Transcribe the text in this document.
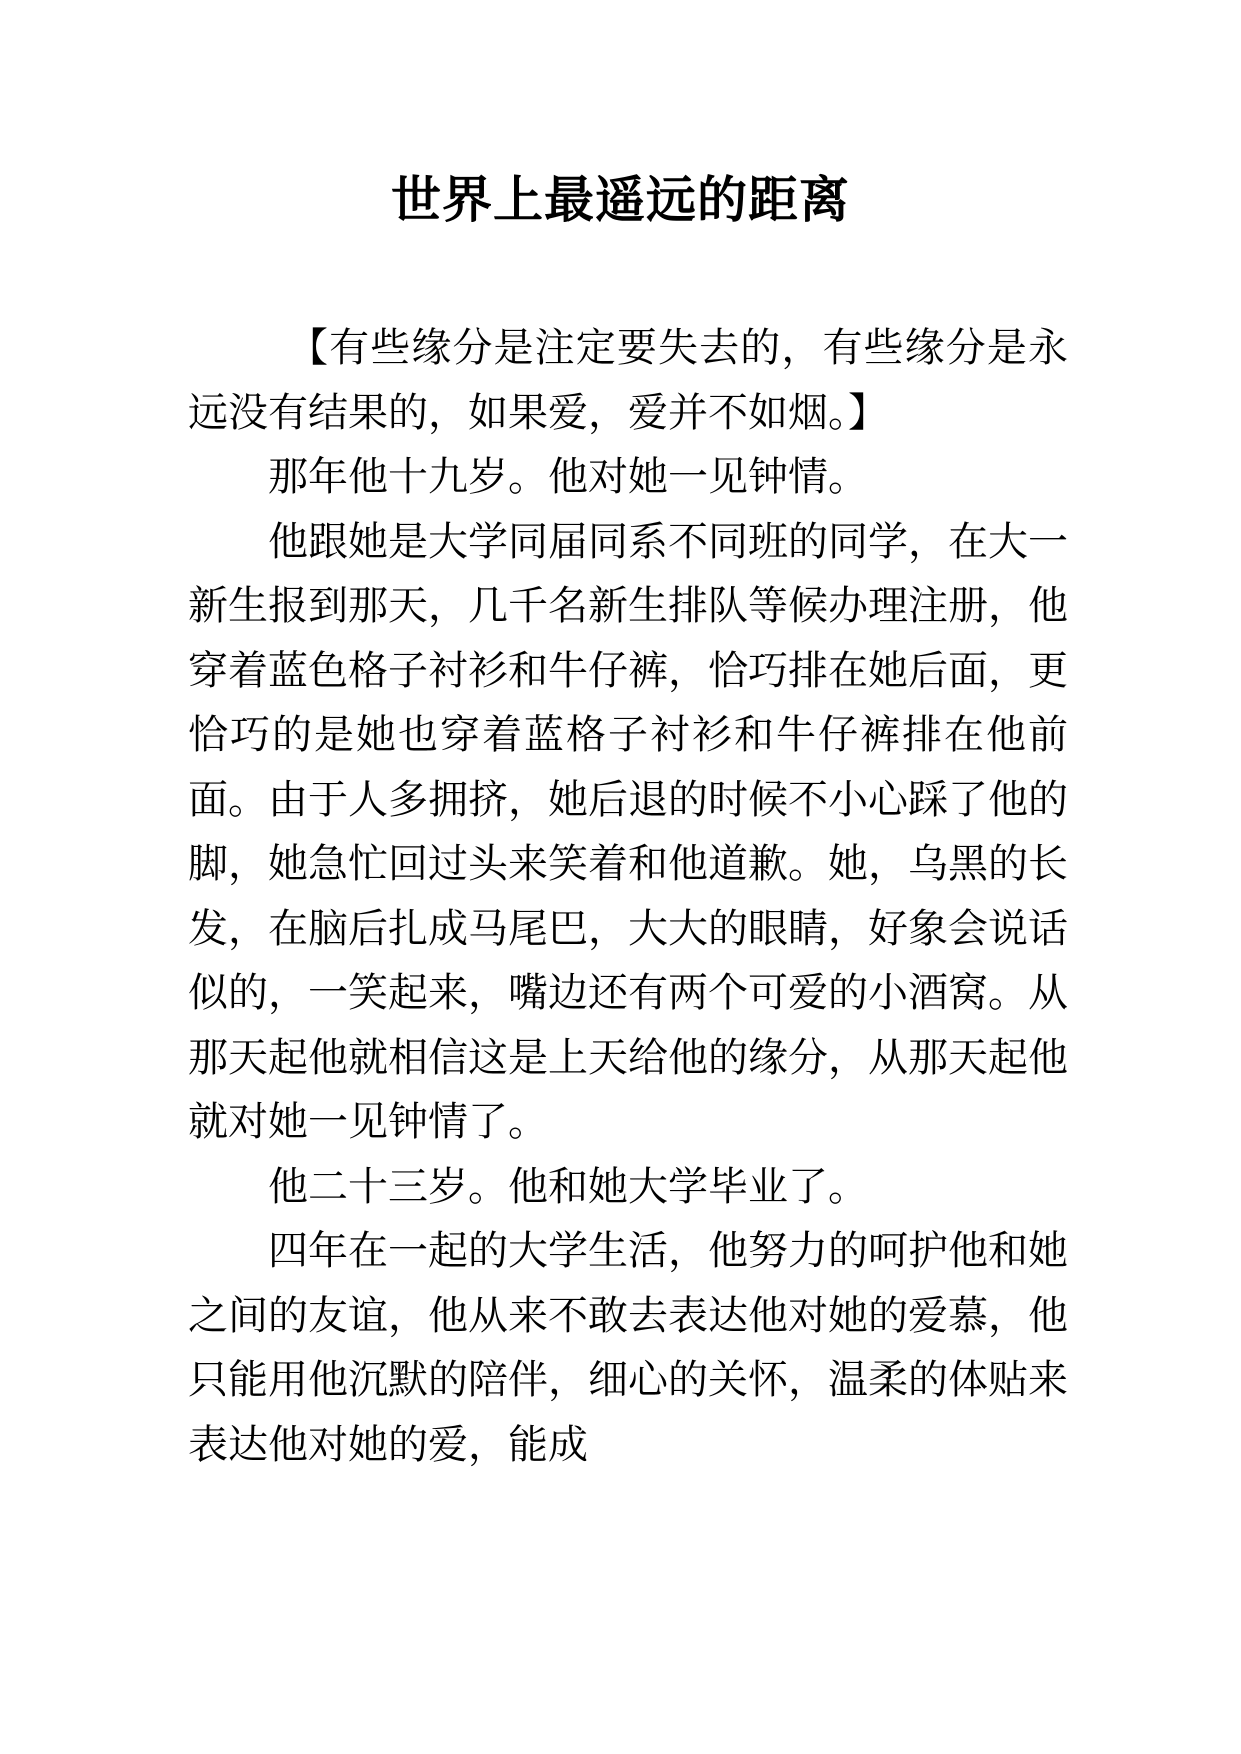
世界上最遥远的距离

【有些缘分是注定要失去的，有些缘分是永远没有结果的，如果爱，爱并不如烟。】

那年他十九岁。他对她一见钟情。

他跟她是大学同届同系不同班的同学，在大一新生报到那天，几千名新生排队等候办理注册，他穿着蓝色格子衬衫和牛仔裤，恰巧排在她后面，更恰巧的是她也穿着蓝格子衬衫和牛仔裤排在他前面。由于人多拥挤，她后退的时候不小心踩了他的脚，她急忙回过头来笑着和他道歉。她，乌黑的长发，在脑后扎成马尾巴，大大的眼睛，好象会说话似的，一笑起来，嘴边还有两个可爱的小酒窝。从那天起他就相信这是上天给他的缘分，从那天起他就对她一见钟情了。

他二十三岁。他和她大学毕业了。

四年在一起的大学生活，他努力的呵护他和她之间的友谊，他从来不敢去表达他对她的爱慕，他只能用他沉默的陪伴，细心的关怀，温柔的体贴来表达他对她的爱，能成
